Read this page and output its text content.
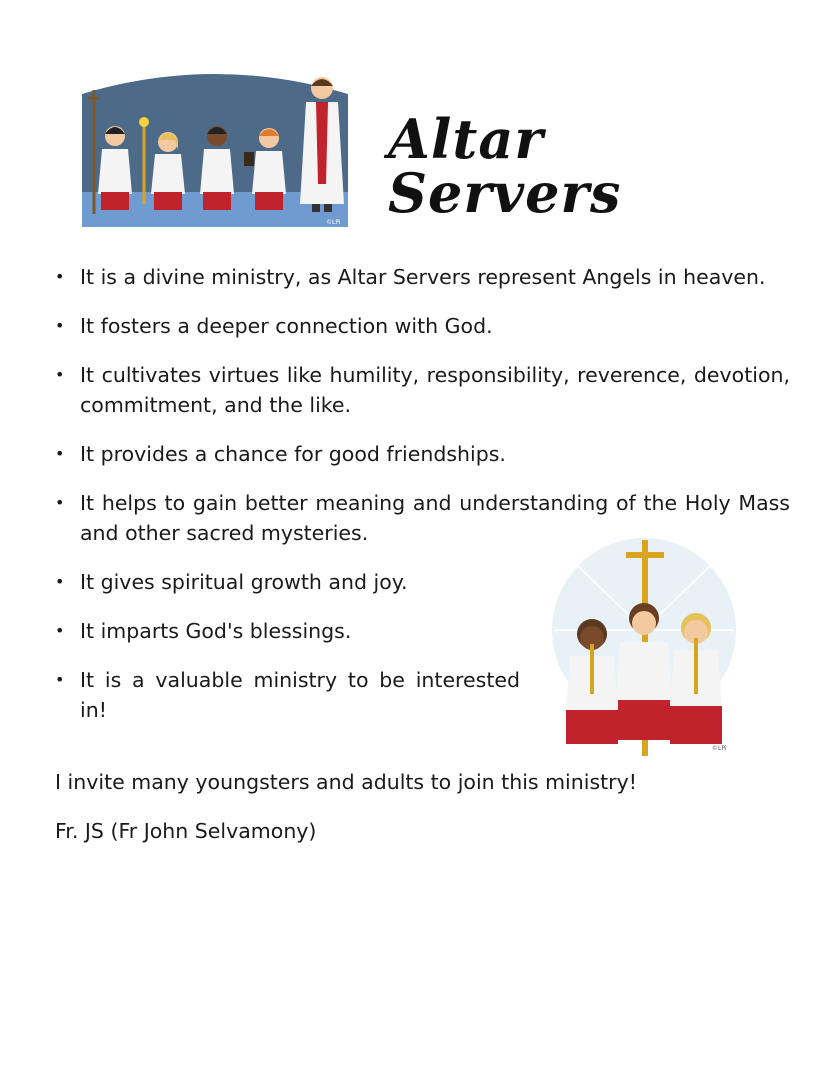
©LPi
Altar Servers
• It is a divine ministry, as Altar Servers represent Angels in heaven.
• It fosters a deeper connection with God.
• It cultivates virtues like humility, responsibility, reverence, devotion, commitment, and the like.
• It provides a chance for good friendships.
• It helps to gain better meaning and understanding of the Holy Mass and other sacred mysteries.
• It gives spiritual growth and joy.
• It imparts God's blessings.
• It is a valuable ministry to be interested in!
©LPi
I invite many youngsters and adults to join this ministry!
Fr. JS (Fr John Selvamony)
